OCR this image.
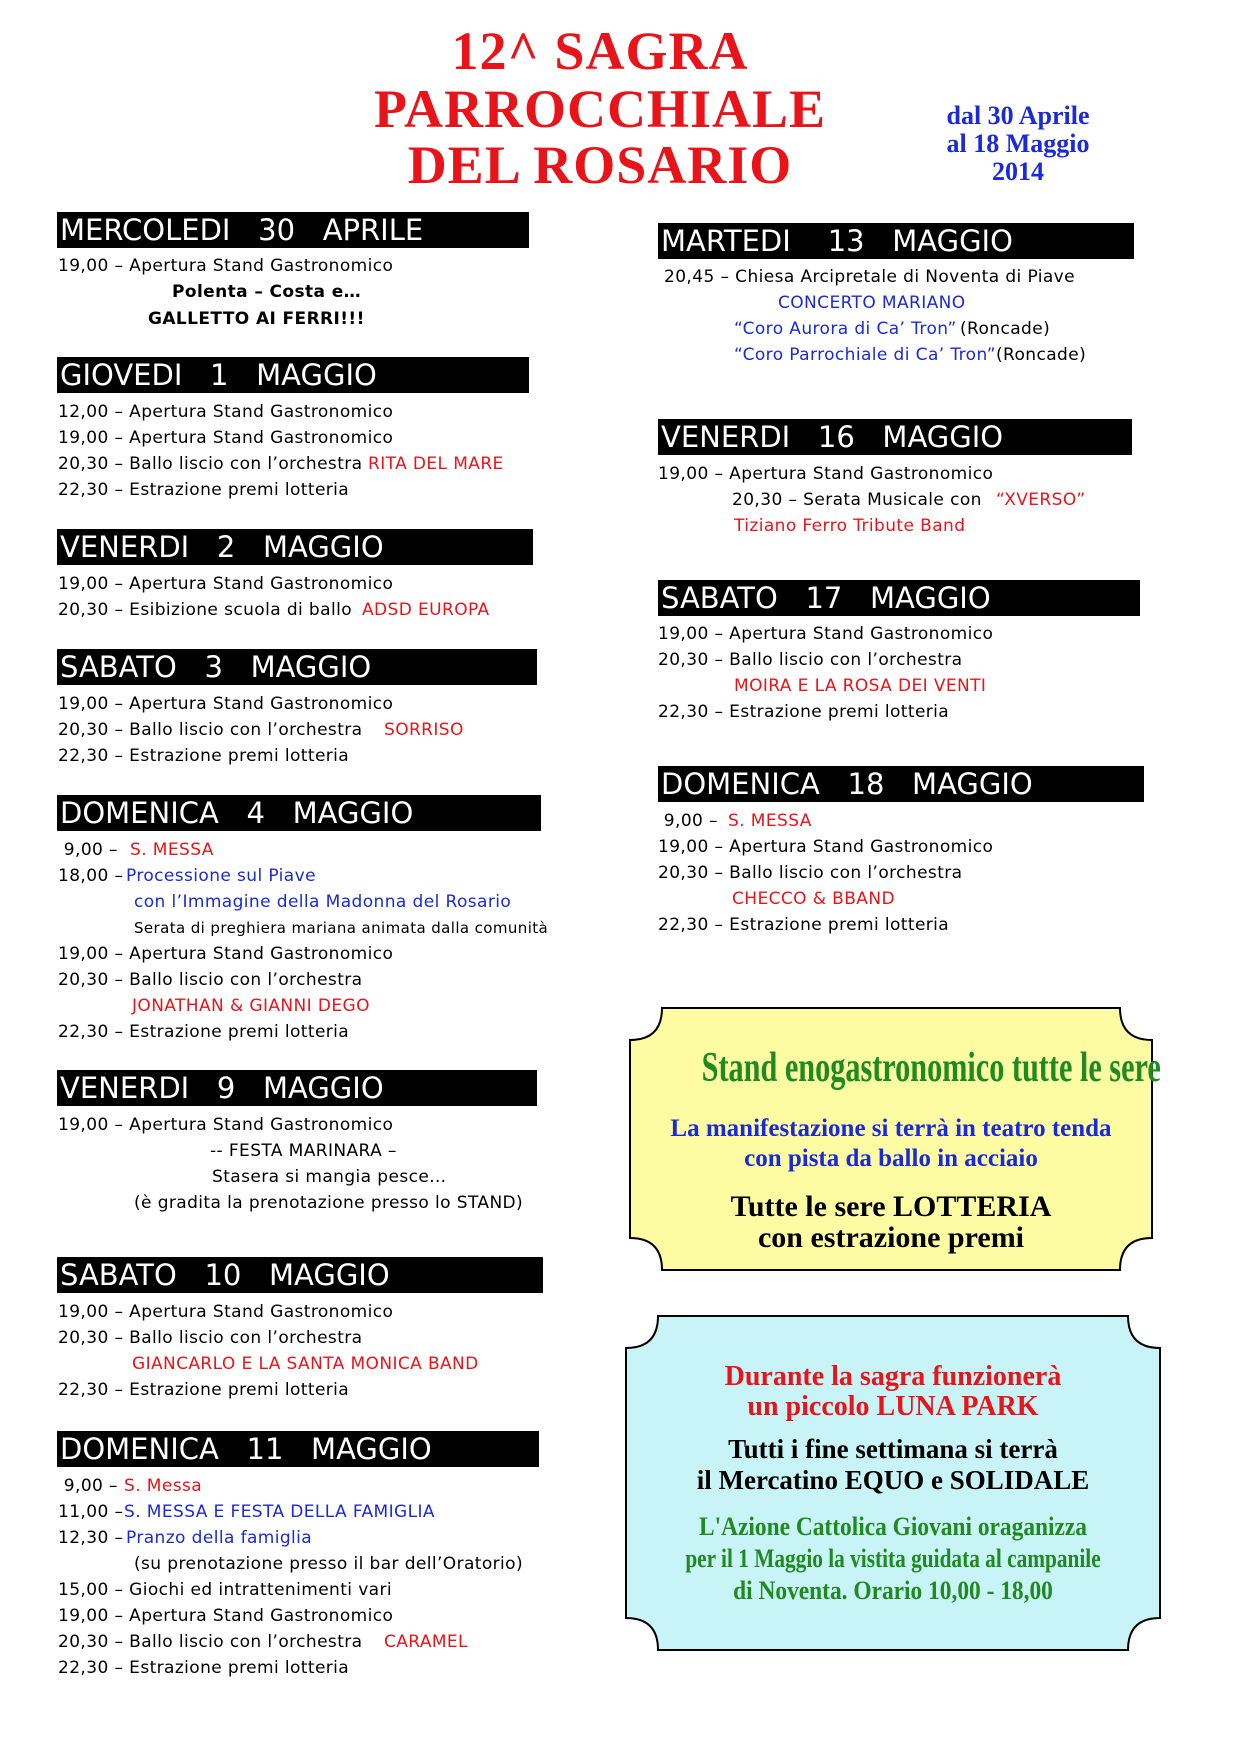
12^ SAGRA
PARROCCHIALE
DEL ROSARIO
dal 30 Aprile
al 18 Maggio
2014
MERCOLEDI   30   APRILE
19,00 – Apertura Stand Gastronomico
Polenta – Costa e…
GALLETTO AI FERRI!!!
GIOVEDI   1   MAGGIO
12,00 – Apertura Stand Gastronomico
19,00 – Apertura Stand Gastronomico
20,30 – Ballo liscio con l’orchestra RITA DEL MARE
22,30 – Estrazione premi lotteria
VENERDI   2   MAGGIO
19,00 – Apertura Stand Gastronomico
20,30 – Esibizione scuola di ballo ADSD EUROPA
SABATO   3   MAGGIO
19,00 – Apertura Stand Gastronomico
20,30 – Ballo liscio con l’orchestra SORRISO
22,30 – Estrazione premi lotteria
DOMENICA   4   MAGGIO
9,00 – S. MESSA
18,00 – Processione sul Piave
con l’Immagine della Madonna del Rosario
Serata di preghiera mariana animata dalla comunità
19,00 – Apertura Stand Gastronomico
20,30 – Ballo liscio con l’orchestra
JONATHAN & GIANNI DEGO
22,30 – Estrazione premi lotteria
VENERDI   9   MAGGIO
19,00 – Apertura Stand Gastronomico
-- FESTA MARINARA –
Stasera si mangia pesce…
(è gradita la prenotazione presso lo STAND)
SABATO   10   MAGGIO
19,00 – Apertura Stand Gastronomico
20,30 – Ballo liscio con l’orchestra
GIANCARLO E LA SANTA MONICA BAND
22,30 – Estrazione premi lotteria
DOMENICA   11   MAGGIO
9,00 – S. Messa
11,00 – S. MESSA E FESTA DELLA FAMIGLIA
12,30 – Pranzo della famiglia
(su prenotazione presso il bar dell’Oratorio)
15,00 – Giochi ed intrattenimenti vari
19,00 – Apertura Stand Gastronomico
20,30 – Ballo liscio con l’orchestra CARAMEL
22,30 – Estrazione premi lotteria
MARTEDI    13   MAGGIO
20,45 – Chiesa Arcipretale di Noventa di Piave
CONCERTO MARIANO
“Coro Aurora di Ca’ Tron” (Roncade)
“Coro Parrochiale di Ca’ Tron” (Roncade)
VENERDI   16   MAGGIO
19,00 – Apertura Stand Gastronomico
20,30 – Serata Musicale con “XVERSO”
Tiziano Ferro Tribute Band
SABATO   17   MAGGIO
19,00 – Apertura Stand Gastronomico
20,30 – Ballo liscio con l’orchestra
MOIRA E LA ROSA DEI VENTI
22,30 – Estrazione premi lotteria
DOMENICA   18   MAGGIO
9,00 – S. MESSA
19,00 – Apertura Stand Gastronomico
20,30 – Ballo liscio con l’orchestra
CHECCO & BBAND
22,30 – Estrazione premi lotteria
Stand enogastronomico tutte le sere
La manifestazione si terrà in teatro tenda
con pista da ballo in acciaio
Tutte le sere LOTTERIA
con estrazione premi
Durante la sagra funzionerà
un piccolo LUNA PARK
Tutti i fine settimana si terrà
il Mercatino EQUO e SOLIDALE
L'Azione Cattolica Giovani oraganizza
per il 1 Maggio la vistita guidata al campanile
di Noventa. Orario 10,00 - 18,00
